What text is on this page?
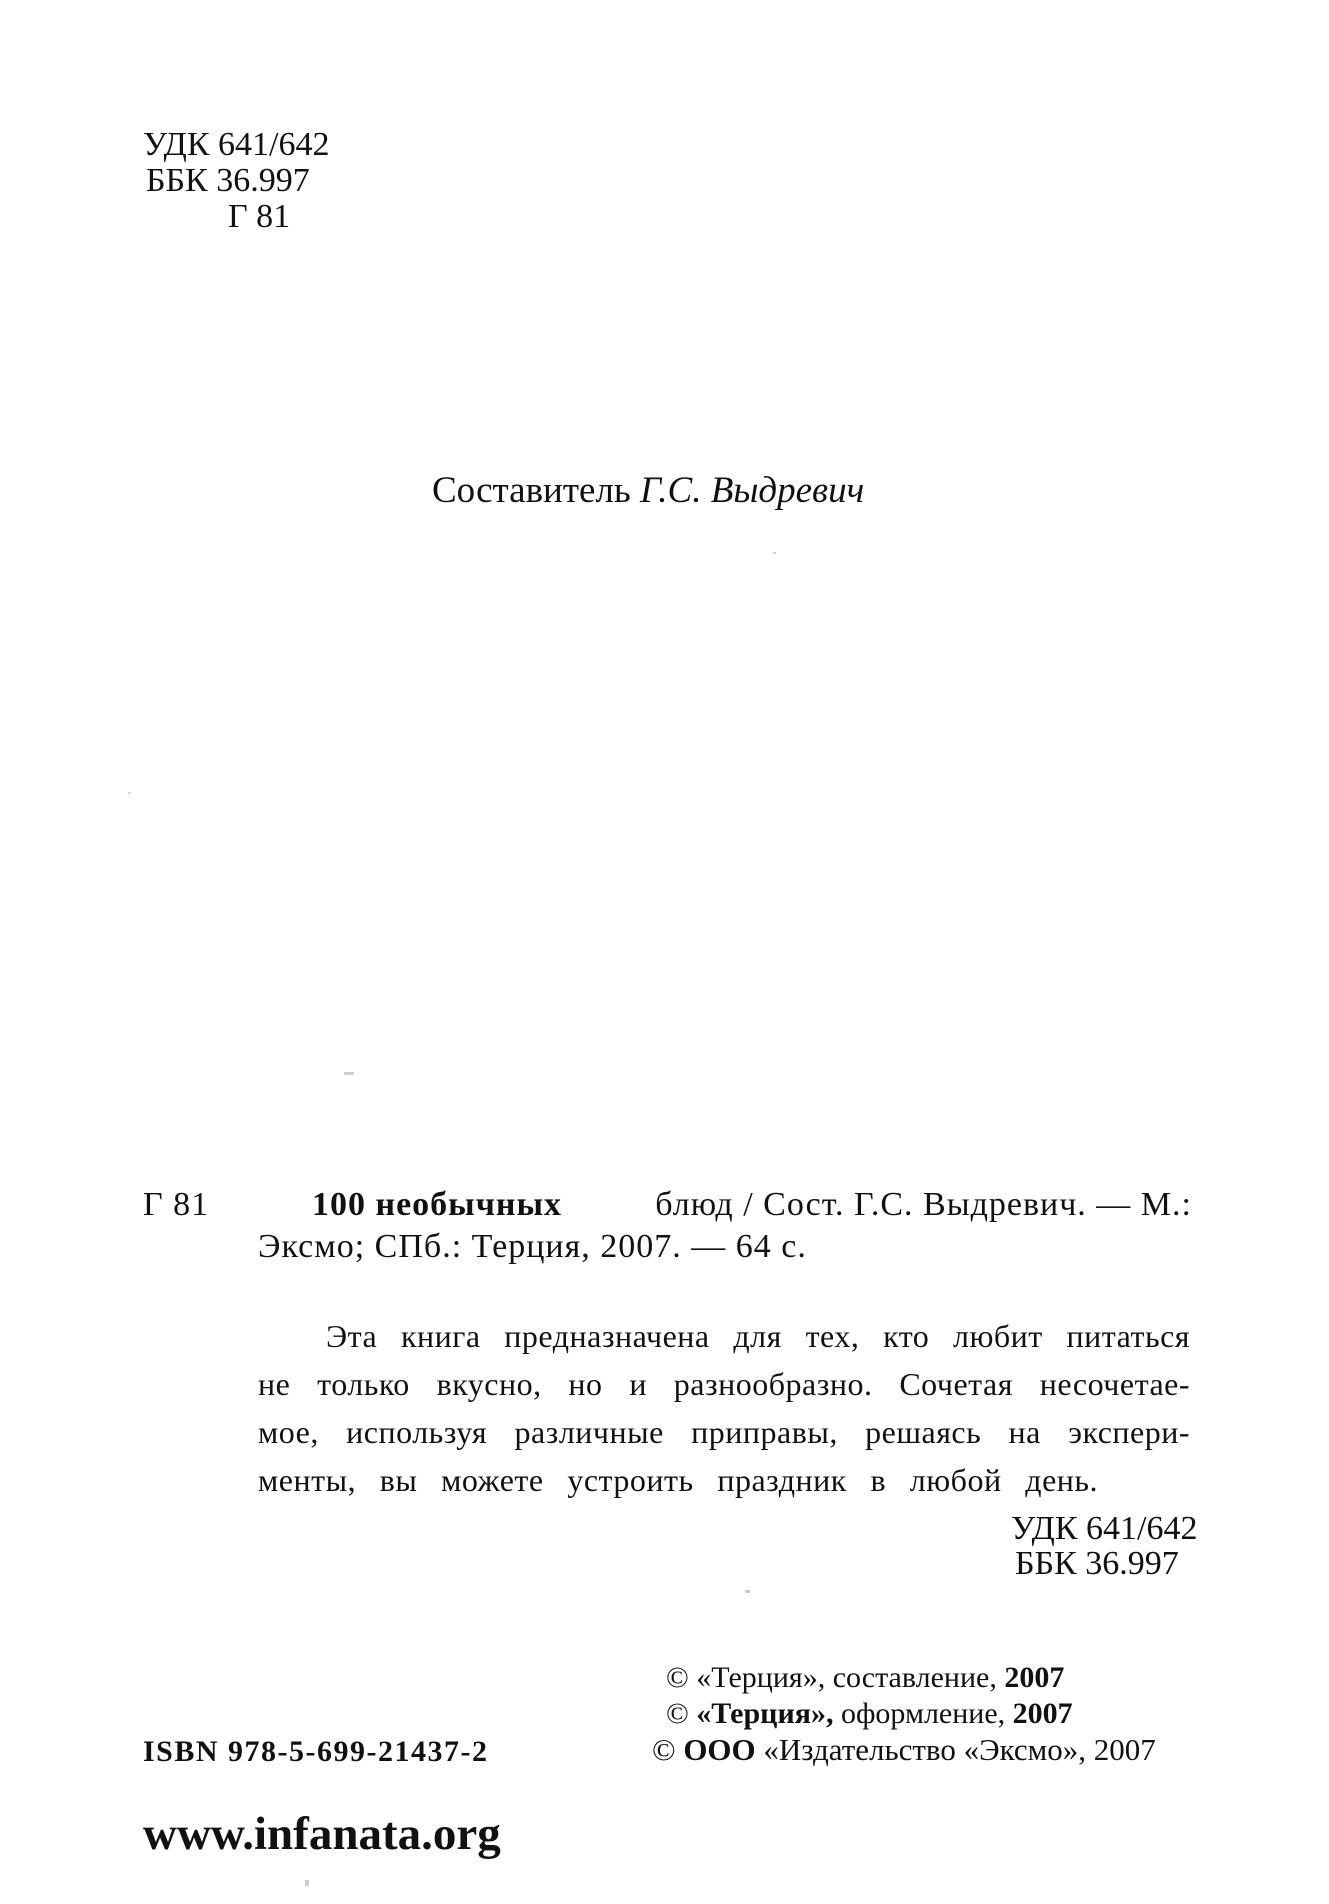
УДК 641/642
ББК 36.997
Г 81
Составитель Г.С. Выдревич
Г 81	100 необычных	блюд / Сост. Г.С. Выдревич. — М.:
Эксмо; СПб.: Терция, 2007. — 64 с.
Эта книга предназначена для тех, кто любит питаться
не только вкусно, но и разнообразно. Сочетая несочетае-
мое, используя различные приправы, решаясь на экспери-
менты, вы можете устроить праздник в любой день.
УДК 641/642
ББК 36.997
© «Терция», составление, 2007
© «Терция», оформление, 2007
© ООО «Издательство «Эксмо», 2007
ISBN 978-5-699-21437-2
www.infanata.org
